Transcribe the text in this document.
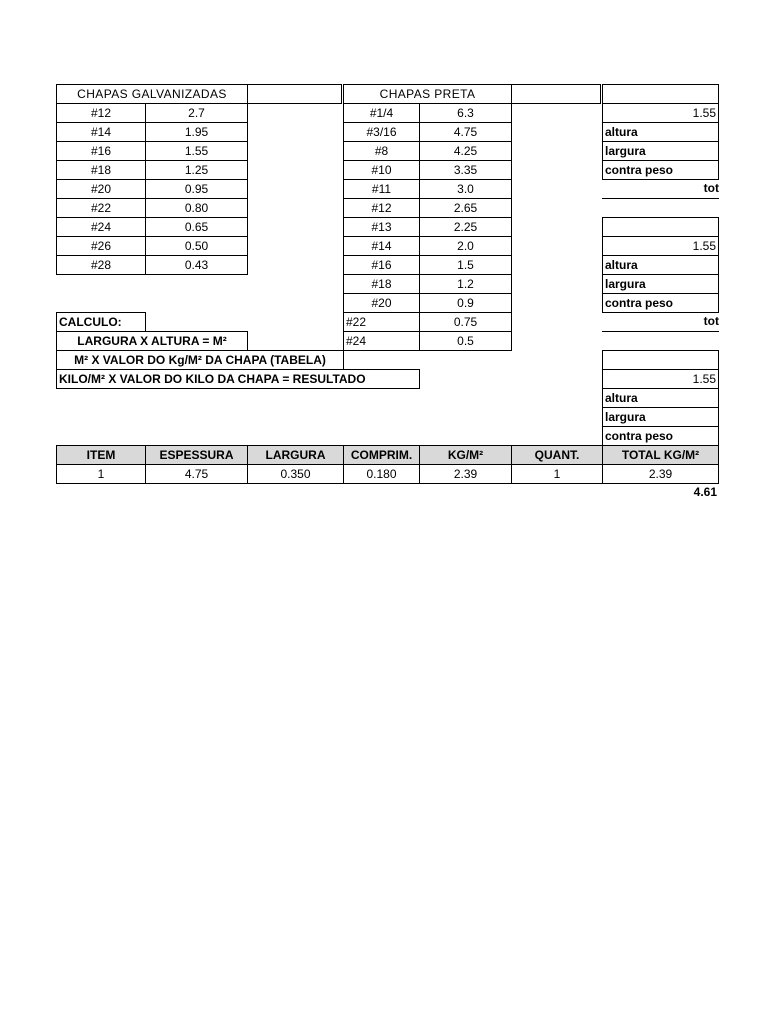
CHAPAS GALVANIZADAS
#12	2.7
#14	1.95
#16	1.55
#18	1.25
#20	0.95
#22	0.80
#24	0.65
#26	0.50
#28	0.43
CHAPAS PRETA
#1/4	6.3
#3/16	4.75
#8	4.25
#10	3.35
#11	3.0
#12	2.65
#13	2.25
#14	2.0
#16	1.5
#18	1.2
#20	0.9
#22	0.75
#24	0.5
CALCULO:
LARGURA X ALTURA = M²
M² X VALOR DO Kg/M² DA CHAPA (TABELA)
KILO/M² X VALOR DO KILO DA CHAPA = RESULTADO
1.55
altura
largura
contra peso
tot
1.55
altura
largura
contra peso
tot
1.55
altura
largura
contra peso
ITEM	ESPESSURA	LARGURA	COMPRIM.	KG/M²	QUANT.	TOTAL KG/M²
1	4.75	0.350	0.180	2.39	1	2.39
4.61
